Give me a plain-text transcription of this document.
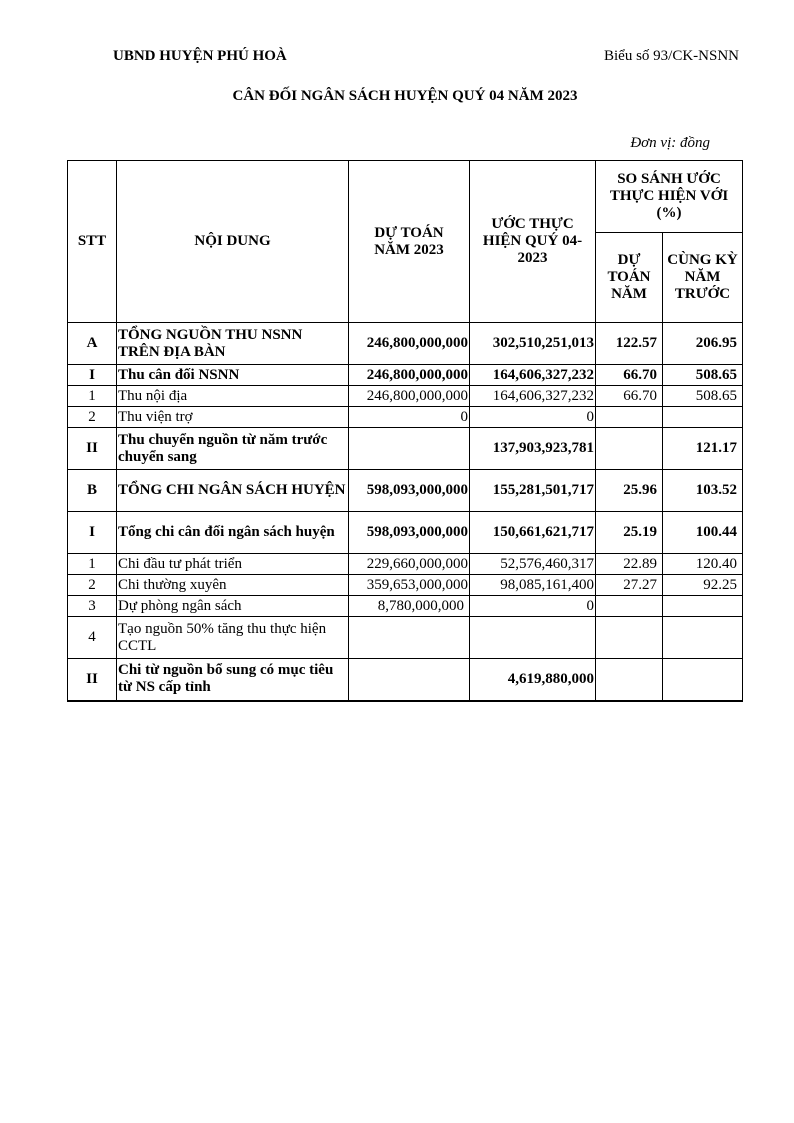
UBND HUYỆN PHÚ HOÀ	Biểu số 93/CK-NSNN
CÂN ĐỐI NGÂN SÁCH HUYỆN QUÝ 04 NĂM 2023
Đơn vị: đồng
STT	NỘI DUNG	DỰ TOÁN NĂM 2023	ƯỚC THỰC HIỆN QUÝ 04-2023	SO SÁNH ƯỚC THỰC HIỆN VỚI (%)	
				DỰ TOÁN NĂM	CÙNG KỲ NĂM TRƯỚC
A	TỔNG NGUỒN THU NSNN TRÊN ĐỊA BÀN	246,800,000,000	302,510,251,013	122.57	206.95
I	Thu cân đối NSNN	246,800,000,000	164,606,327,232	66.70	508.65
1	Thu nội địa	246,800,000,000	164,606,327,232	66.70	508.65
2	Thu viện trợ	0	0		
II	Thu chuyển nguồn từ năm trước chuyển sang		137,903,923,781		121.17
B	TỔNG CHI NGÂN SÁCH HUYỆN	598,093,000,000	155,281,501,717	25.96	103.52
I	Tổng chi cân đối ngân sách huyện	598,093,000,000	150,661,621,717	25.19	100.44
1	Chi đầu tư phát triển	229,660,000,000	52,576,460,317	22.89	120.40
2	Chi thường xuyên	359,653,000,000	98,085,161,400	27.27	92.25
3	Dự phòng ngân sách	8,780,000,000	0		
4	Tạo nguồn 50% tăng thu thực hiện CCTL				
II	Chi từ nguồn bổ sung có mục tiêu từ NS cấp tỉnh		4,619,880,000		
